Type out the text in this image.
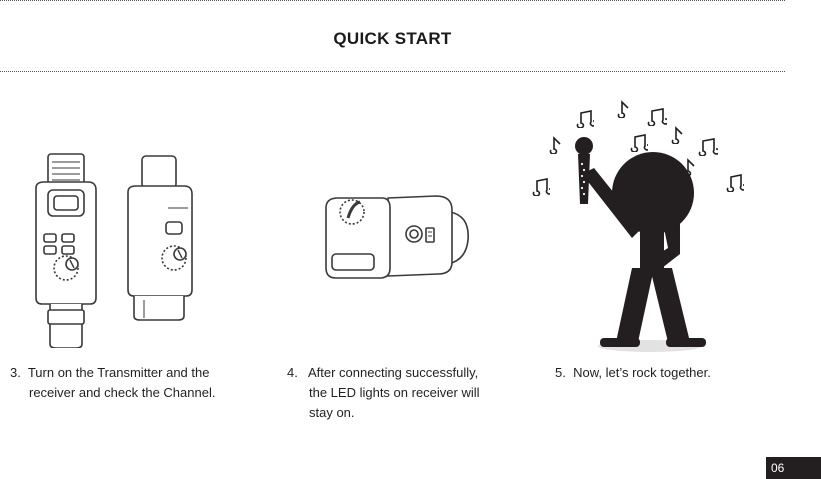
QUICK START
3. Turn on the Transmitter and the
receiver and check the Channel.
4. After connecting successfully,
the LED lights on receiver will
stay on.
5. Now, let’s rock together.
06
